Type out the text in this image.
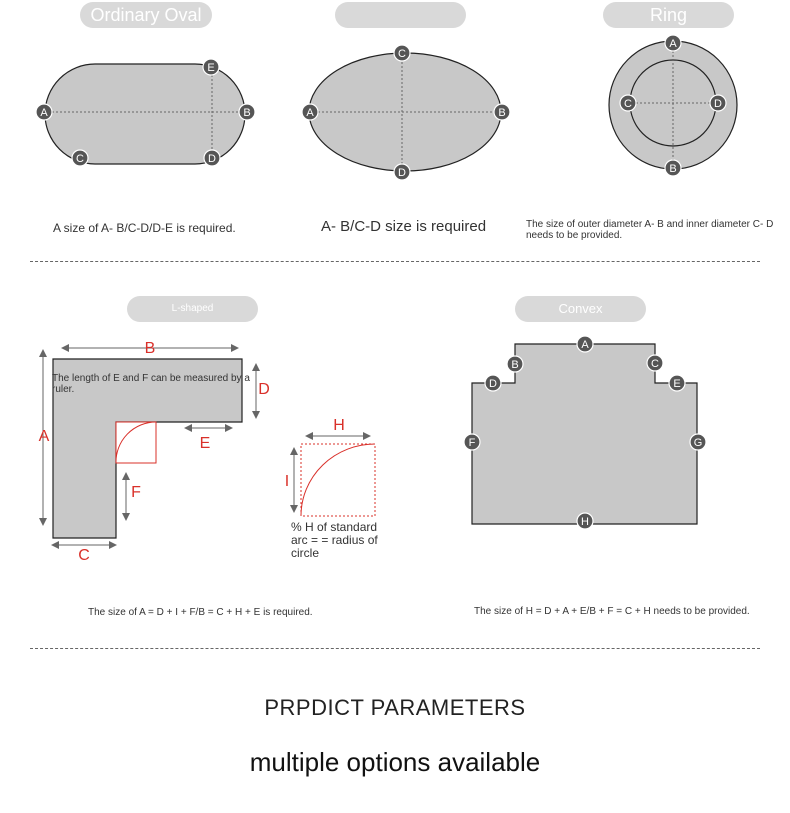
Ordinary Oval	Ring
L-shaped	Convex
A	B
C	D
E
A	B
C
D
A
B
C	D
A
B	C
D	E
F	G
H
B
D
A	E
F
C
H
I
The length of E and F can be measured by a ruler.
% H of standard arc = = radius of circle
A size of A- B/C-D/D-E is required.	A- B/C-D size is required	The size of outer diameter A- B and inner diameter C- D needs to be provided.
The size of A = D + I + F/B = C + H + E is required.	The size of H = D + A + E/B + F = C + H needs to be provided.
PRPDICT PARAMETERS
multiple options available
